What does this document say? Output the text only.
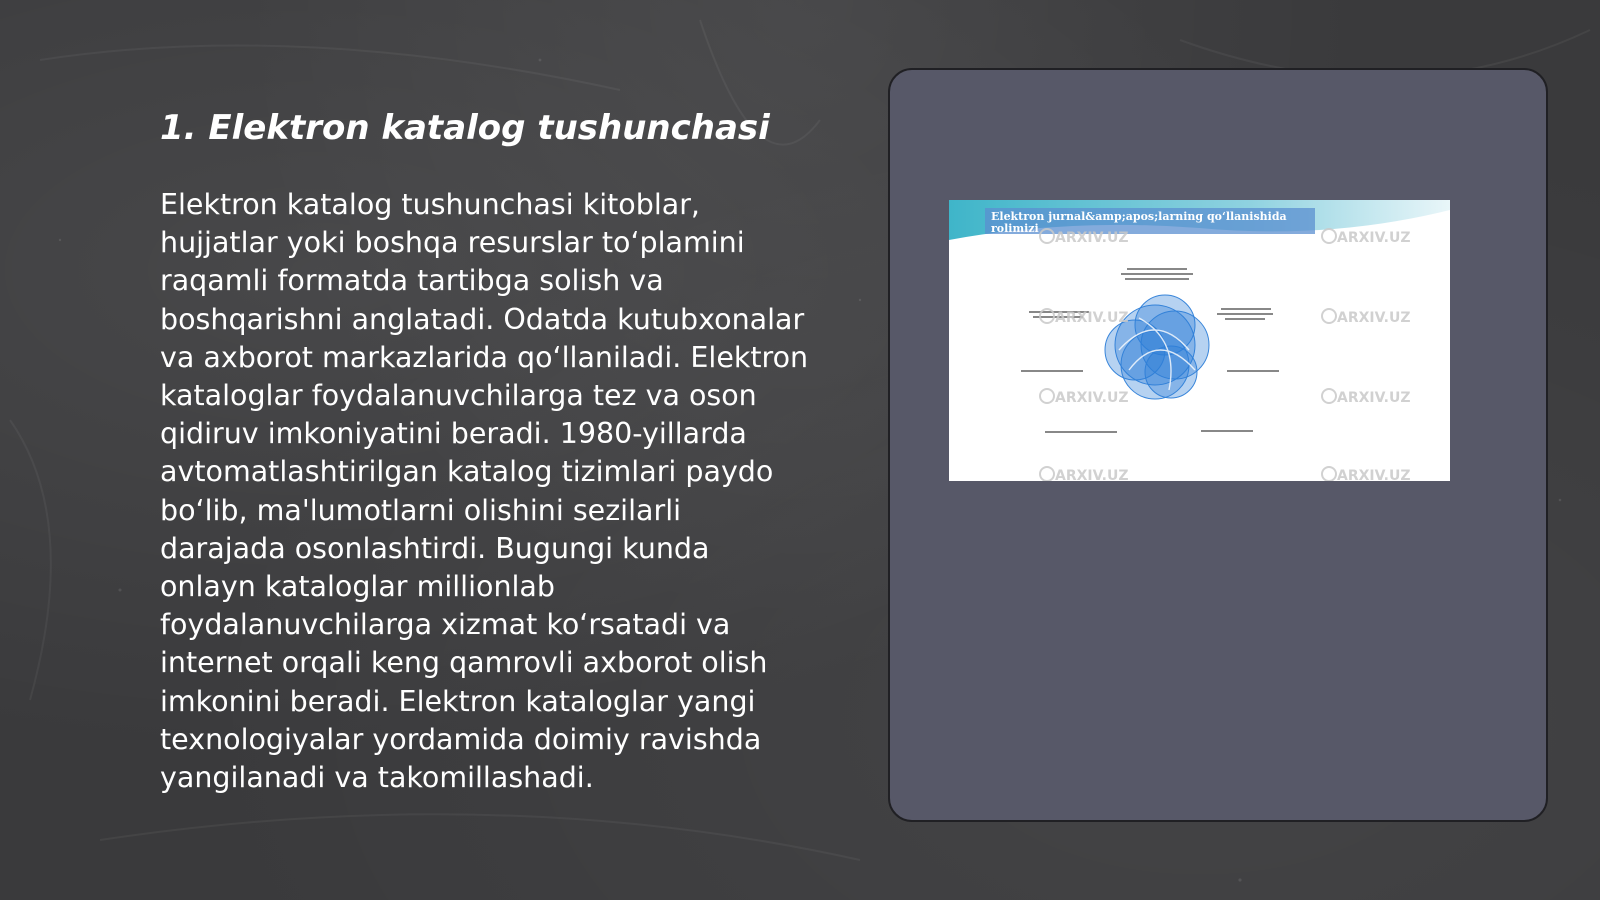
1. Elektron katalog tushunchasi

Elektron katalog tushunchasi kitoblar, hujjatlar yoki boshqa resurslar to‘plamini raqamli formatda tartibga solish va boshqarishni anglatadi. Odatda kutubxonalar va axborot markazlarida qo‘llaniladi. Elektron kataloglar foydalanuvchilarga tez va oson qidiruv imkoniyatini beradi. 1980-yillarda avtomatlashtirilgan katalog tizimlari paydo bo‘lib, ma'lumotlarni olishini sezilarli darajada osonlashtirdi. Bugungi kunda onlayn kataloglar millionlab foydalanuvchilarga xizmat ko‘rsatadi va internet orqali keng qamrovli axborot olish imkonini beradi. Elektron kataloglar yangi texnologiyalar yordamida doimiy ravishda yangilanadi va takomillashadi.

Elektron jurnal&amp;apos;larning qo‘llanishida
rolimizi
ARXIV.UZ	ARXIV.UZ
ARXIV.UZ	ARXIV.UZ
ARXIV.UZ	ARXIV.UZ
ARXIV.UZ	ARXIV.UZ
